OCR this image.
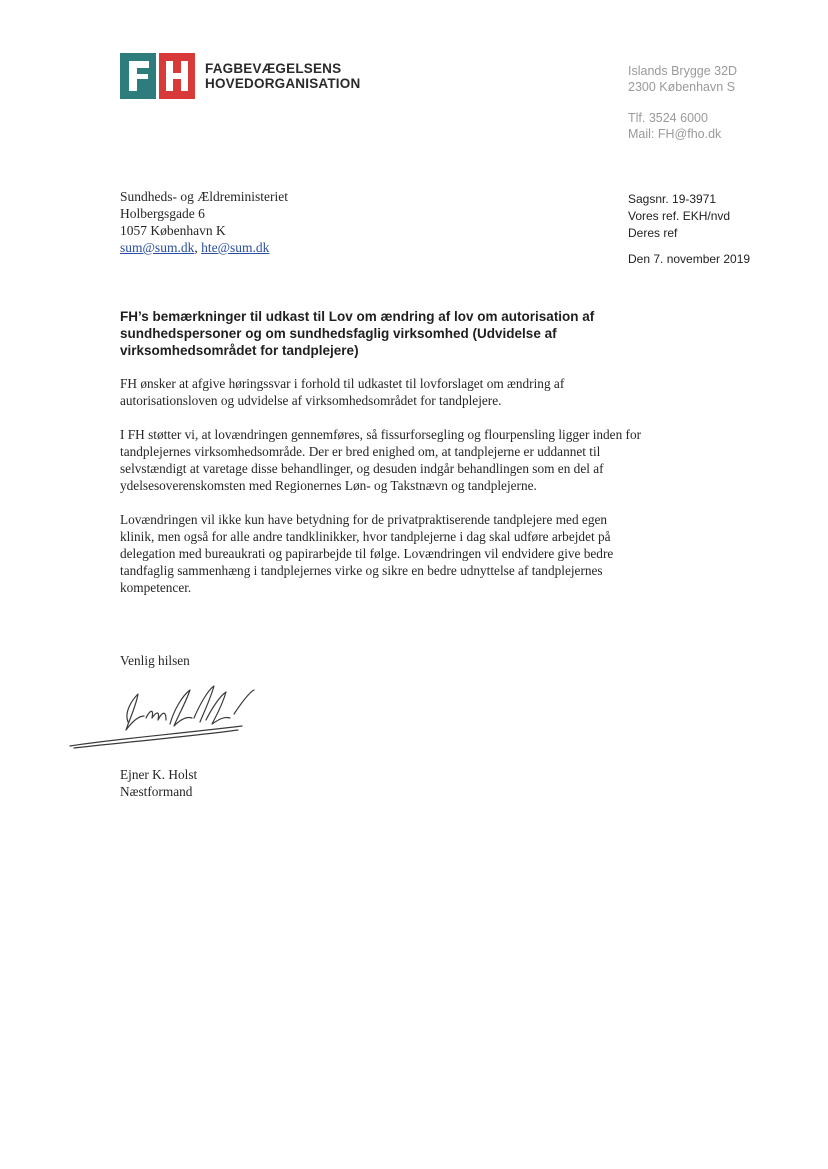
FAGBEVÆGELSENS
HOVEDORGANISATION
Islands Brygge 32D
2300 København S
Tlf. 3524 6000
Mail: FH@fho.dk
Sundheds- og Ældreministeriet
Holbergsgade 6
1057 København K
sum@sum.dk, hte@sum.dk
Sagsnr. 19-3971
Vores ref. EKH/nvd
Deres ref
Den 7. november 2019
FH’s bemærkninger til udkast til Lov om ændring af lov om autorisation af
sundhedspersoner og om sundhedsfaglig virksomhed (Udvidelse af
virksomhedsområdet for tandplejere)

FH ønsker at afgive høringssvar i forhold til udkastet til lovforslaget om ændring af
autorisationsloven og udvidelse af virksomhedsområdet for tandplejere.

I FH støtter vi, at lovændringen gennemføres, så fissurforsegling og flourpensling ligger inden for
tandplejernes virksomhedsområde. Der er bred enighed om, at tandplejerne er uddannet til
selvstændigt at varetage disse behandlinger, og desuden indgår behandlingen som en del af
ydelsesoverenskomsten med Regionernes Løn- og Takstnævn og tandplejerne.

Lovændringen vil ikke kun have betydning for de privatpraktiserende tandplejere med egen
klinik, men også for alle andre tandklinikker, hvor tandplejerne i dag skal udføre arbejdet på
delegation med bureaukrati og papirarbejde til følge. Lovændringen vil endvidere give bedre
tandfaglig sammenhæng i tandplejernes virke og sikre en bedre udnyttelse af tandplejernes
kompetencer.

Venlig hilsen
Ejner K. Holst
Næstformand
